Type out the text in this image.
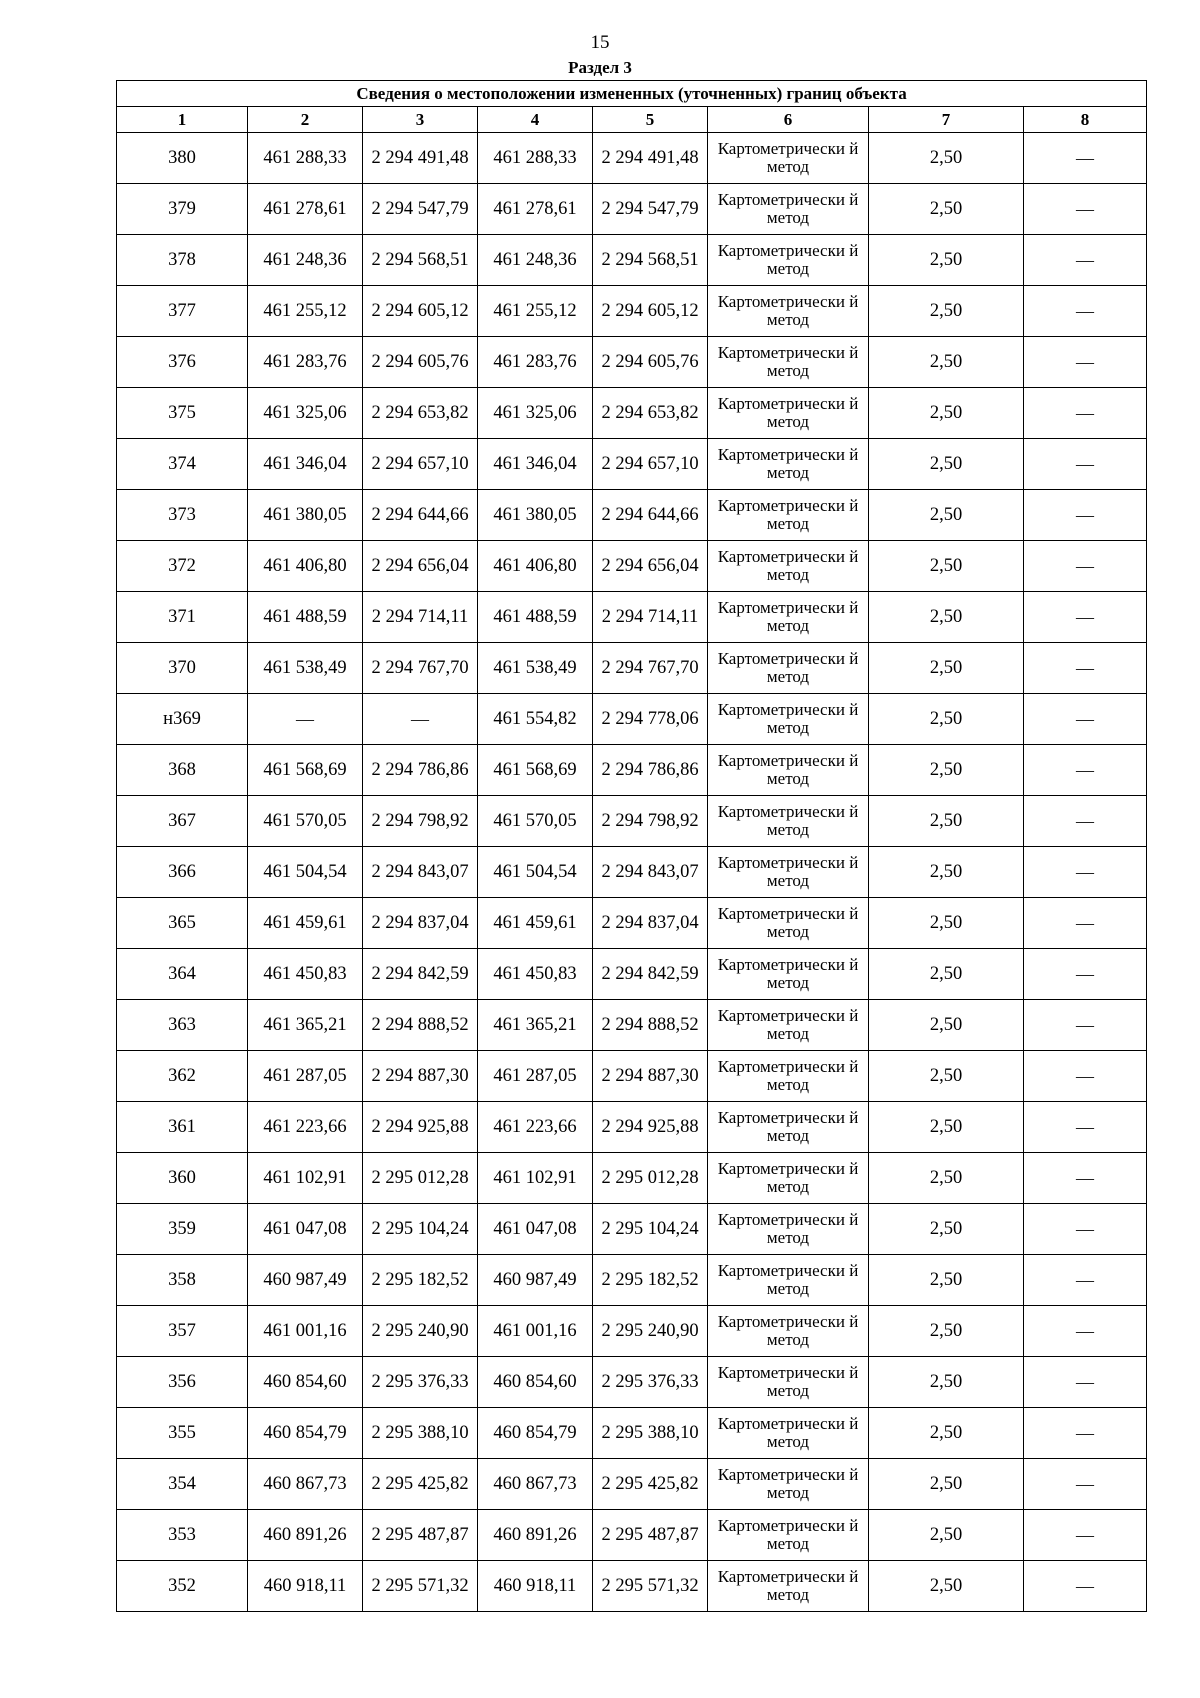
15
Раздел 3
Сведения о местоположении измененных (уточненных) границ объекта							
1	2	3	4	5	6	7	8
380	461 288,33	2 294 491,48	461 288,33	2 294 491,48	Картометрически й метод	2,50	—
379	461 278,61	2 294 547,79	461 278,61	2 294 547,79	Картометрически й метод	2,50	—
378	461 248,36	2 294 568,51	461 248,36	2 294 568,51	Картометрически й метод	2,50	—
377	461 255,12	2 294 605,12	461 255,12	2 294 605,12	Картометрически й метод	2,50	—
376	461 283,76	2 294 605,76	461 283,76	2 294 605,76	Картометрически й метод	2,50	—
375	461 325,06	2 294 653,82	461 325,06	2 294 653,82	Картометрически й метод	2,50	—
374	461 346,04	2 294 657,10	461 346,04	2 294 657,10	Картометрически й метод	2,50	—
373	461 380,05	2 294 644,66	461 380,05	2 294 644,66	Картометрически й метод	2,50	—
372	461 406,80	2 294 656,04	461 406,80	2 294 656,04	Картометрически й метод	2,50	—
371	461 488,59	2 294 714,11	461 488,59	2 294 714,11	Картометрически й метод	2,50	—
370	461 538,49	2 294 767,70	461 538,49	2 294 767,70	Картометрически й метод	2,50	—
н369	—	—	461 554,82	2 294 778,06	Картометрически й метод	2,50	—
368	461 568,69	2 294 786,86	461 568,69	2 294 786,86	Картометрически й метод	2,50	—
367	461 570,05	2 294 798,92	461 570,05	2 294 798,92	Картометрически й метод	2,50	—
366	461 504,54	2 294 843,07	461 504,54	2 294 843,07	Картометрически й метод	2,50	—
365	461 459,61	2 294 837,04	461 459,61	2 294 837,04	Картометрически й метод	2,50	—
364	461 450,83	2 294 842,59	461 450,83	2 294 842,59	Картометрически й метод	2,50	—
363	461 365,21	2 294 888,52	461 365,21	2 294 888,52	Картометрически й метод	2,50	—
362	461 287,05	2 294 887,30	461 287,05	2 294 887,30	Картометрически й метод	2,50	—
361	461 223,66	2 294 925,88	461 223,66	2 294 925,88	Картометрически й метод	2,50	—
360	461 102,91	2 295 012,28	461 102,91	2 295 012,28	Картометрически й метод	2,50	—
359	461 047,08	2 295 104,24	461 047,08	2 295 104,24	Картометрически й метод	2,50	—
358	460 987,49	2 295 182,52	460 987,49	2 295 182,52	Картометрически й метод	2,50	—
357	461 001,16	2 295 240,90	461 001,16	2 295 240,90	Картометрически й метод	2,50	—
356	460 854,60	2 295 376,33	460 854,60	2 295 376,33	Картометрически й метод	2,50	—
355	460 854,79	2 295 388,10	460 854,79	2 295 388,10	Картометрически й метод	2,50	—
354	460 867,73	2 295 425,82	460 867,73	2 295 425,82	Картометрически й метод	2,50	—
353	460 891,26	2 295 487,87	460 891,26	2 295 487,87	Картометрически й метод	2,50	—
352	460 918,11	2 295 571,32	460 918,11	2 295 571,32	Картометрически й метод	2,50	—
